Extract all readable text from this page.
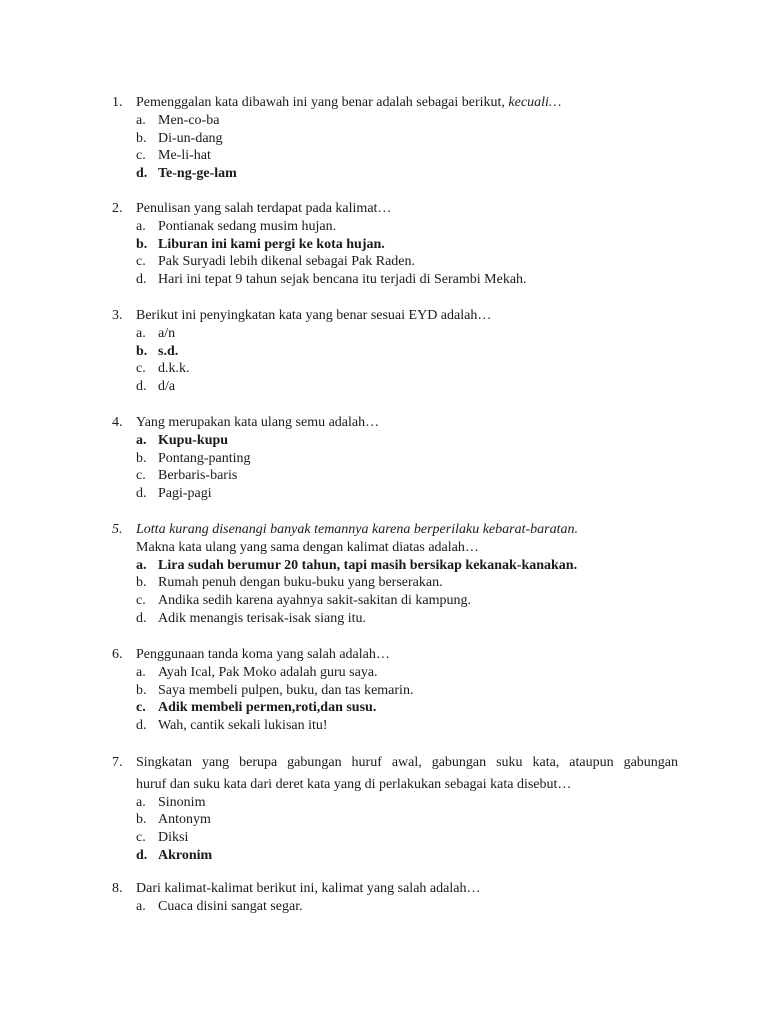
1. Pemenggalan kata dibawah ini yang benar adalah sebagai berikut, kecuali…
a. Men-co-ba
b. Di-un-dang
c. Me-li-hat
d. Te-ng-ge-lam
2. Penulisan yang salah terdapat pada kalimat…
a. Pontianak sedang musim hujan.
b. Liburan ini kami pergi ke kota hujan.
c. Pak Suryadi lebih dikenal sebagai Pak Raden.
d. Hari ini tepat 9 tahun sejak bencana itu terjadi di Serambi Mekah.
3. Berikut ini penyingkatan kata yang benar sesuai EYD adalah…
a. a/n
b. s.d.
c. d.k.k.
d. d/a
4. Yang merupakan kata ulang semu adalah…
a. Kupu-kupu
b. Pontang-panting
c. Berbaris-baris
d. Pagi-pagi
5. Lotta kurang disenangi banyak temannya karena berperilaku kebarat-baratan.
Makna kata ulang yang sama dengan kalimat diatas adalah…
a. Lira sudah berumur 20 tahun, tapi masih bersikap kekanak-kanakan.
b. Rumah penuh dengan buku-buku yang berserakan.
c. Andika sedih karena ayahnya sakit-sakitan di kampung.
d. Adik menangis terisak-isak siang itu.
6. Penggunaan tanda koma yang salah adalah…
a. Ayah Ical, Pak Moko adalah guru saya.
b. Saya membeli pulpen, buku, dan tas kemarin.
c. Adik membeli permen,roti,dan susu.
d. Wah, cantik sekali lukisan itu!
7. Singkatan yang berupa gabungan huruf awal, gabungan suku kata, ataupun gabungan
huruf dan suku kata dari deret kata yang di perlakukan sebagai kata disebut…
a. Sinonim
b. Antonym
c. Diksi
d. Akronim
8. Dari kalimat-kalimat berikut ini, kalimat yang salah adalah…
a. Cuaca disini sangat segar.
